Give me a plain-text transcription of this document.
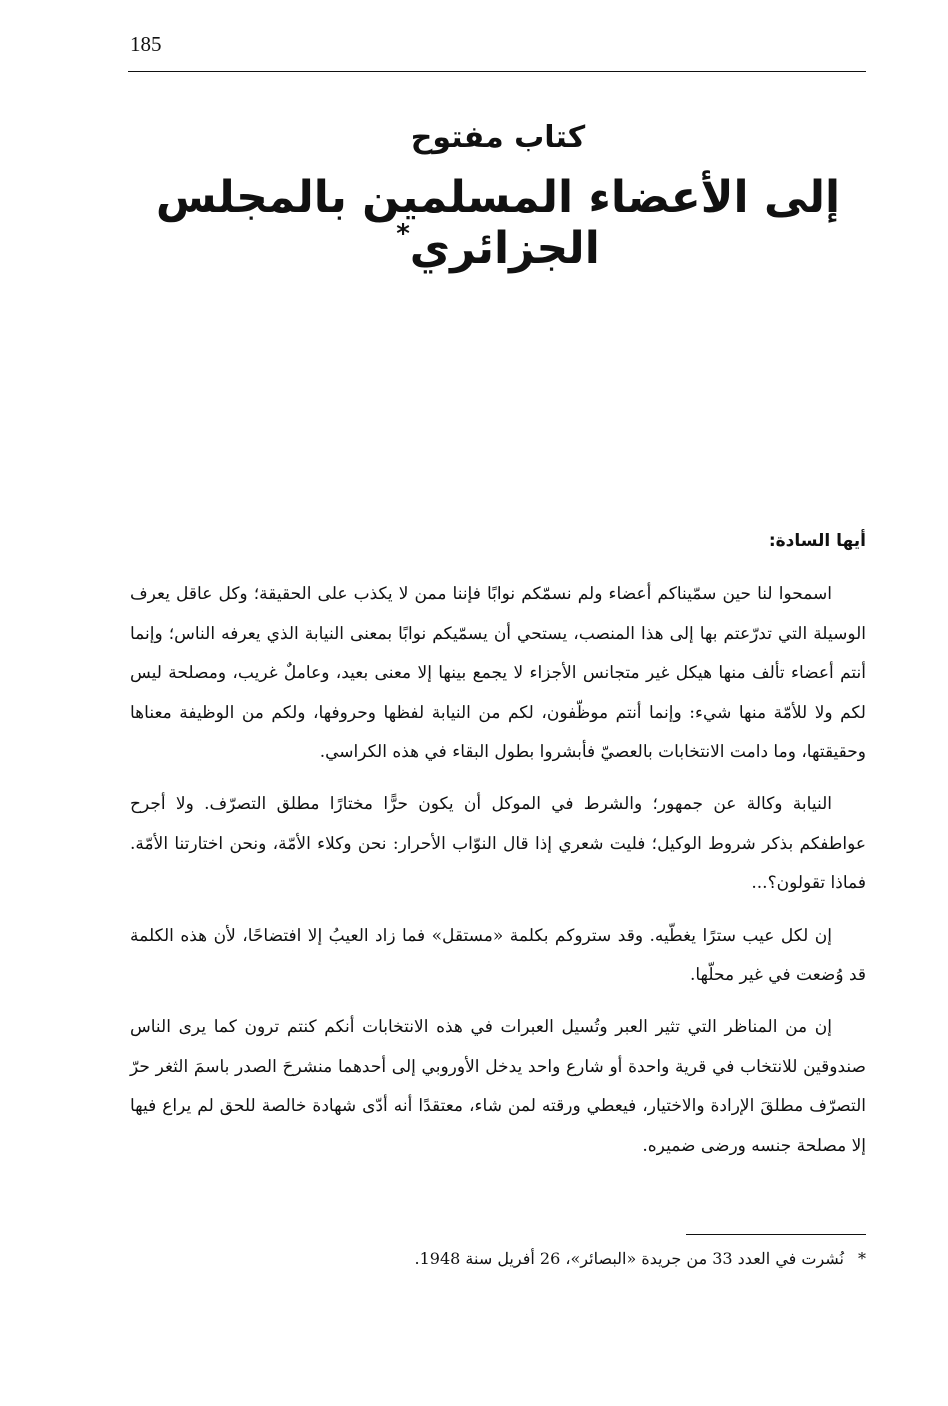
185
كتاب مفتوح
إلى الأعضاء المسلمين بالمجلس الجزائري*

أيها السادة:

اسمحوا لنا حين سمّيناكم أعضاء ولم نسمّكم نوابًا فإننا ممن لا يكذب على الحقيقة؛ وكل عاقل يعرف الوسيلة التي تدرّعتم بها إلى هذا المنصب، يستحي أن يسمّيكم نوابًا بمعنى النيابة الذي يعرفه الناس؛ وإنما أنتم أعضاء تألف منها هيكل غير متجانس الأجزاء لا يجمع بينها إلا معنى بعيد، وعاملٌ غريب، ومصلحة ليس لكم ولا للأمّة منها شيء: وإنما أنتم موظّفون، لكم من النيابة لفظها وحروفها، ولكم من الوظيفة معناها وحقيقتها، وما دامت الانتخابات بالعصيّ فأبشروا بطول البقاء في هذه الكراسي.

النيابة وكالة عن جمهور؛ والشرط في الموكل أن يكون حرًّا مختارًا مطلق التصرّف. ولا أجرح عواطفكم بذكر شروط الوكيل؛ فليت شعري إذا قال النوّاب الأحرار: نحن وكلاء الأمّة، ونحن اختارتنا الأمّة. فماذا تقولون؟...

إن لكل عيب سترًا يغطّيه. وقد ستروكم بكلمة «مستقل» فما زاد العيبُ إلا افتضاحًا، لأن هذه الكلمة قد وُضعت في غير محلّها.

إن من المناظر التي تثير العبر وتُسيل العبرات في هذه الانتخابات أنكم كنتم ترون كما يرى الناس صندوقين للانتخاب في قرية واحدة أو شارع واحد يدخل الأوروبي إلى أحدهما منشرحَ الصدر باسمَ الثغر حرّ التصرّف مطلقَ الإرادة والاختيار، فيعطي ورقته لمن شاء، معتقدًا أنه أدّى شهادة خالصة للحق لم يراع فيها إلا مصلحة جنسه ورضى ضميره.

*نُشرت في العدد 33 من جريدة «البصائر»، 26 أفريل سنة 1948.
